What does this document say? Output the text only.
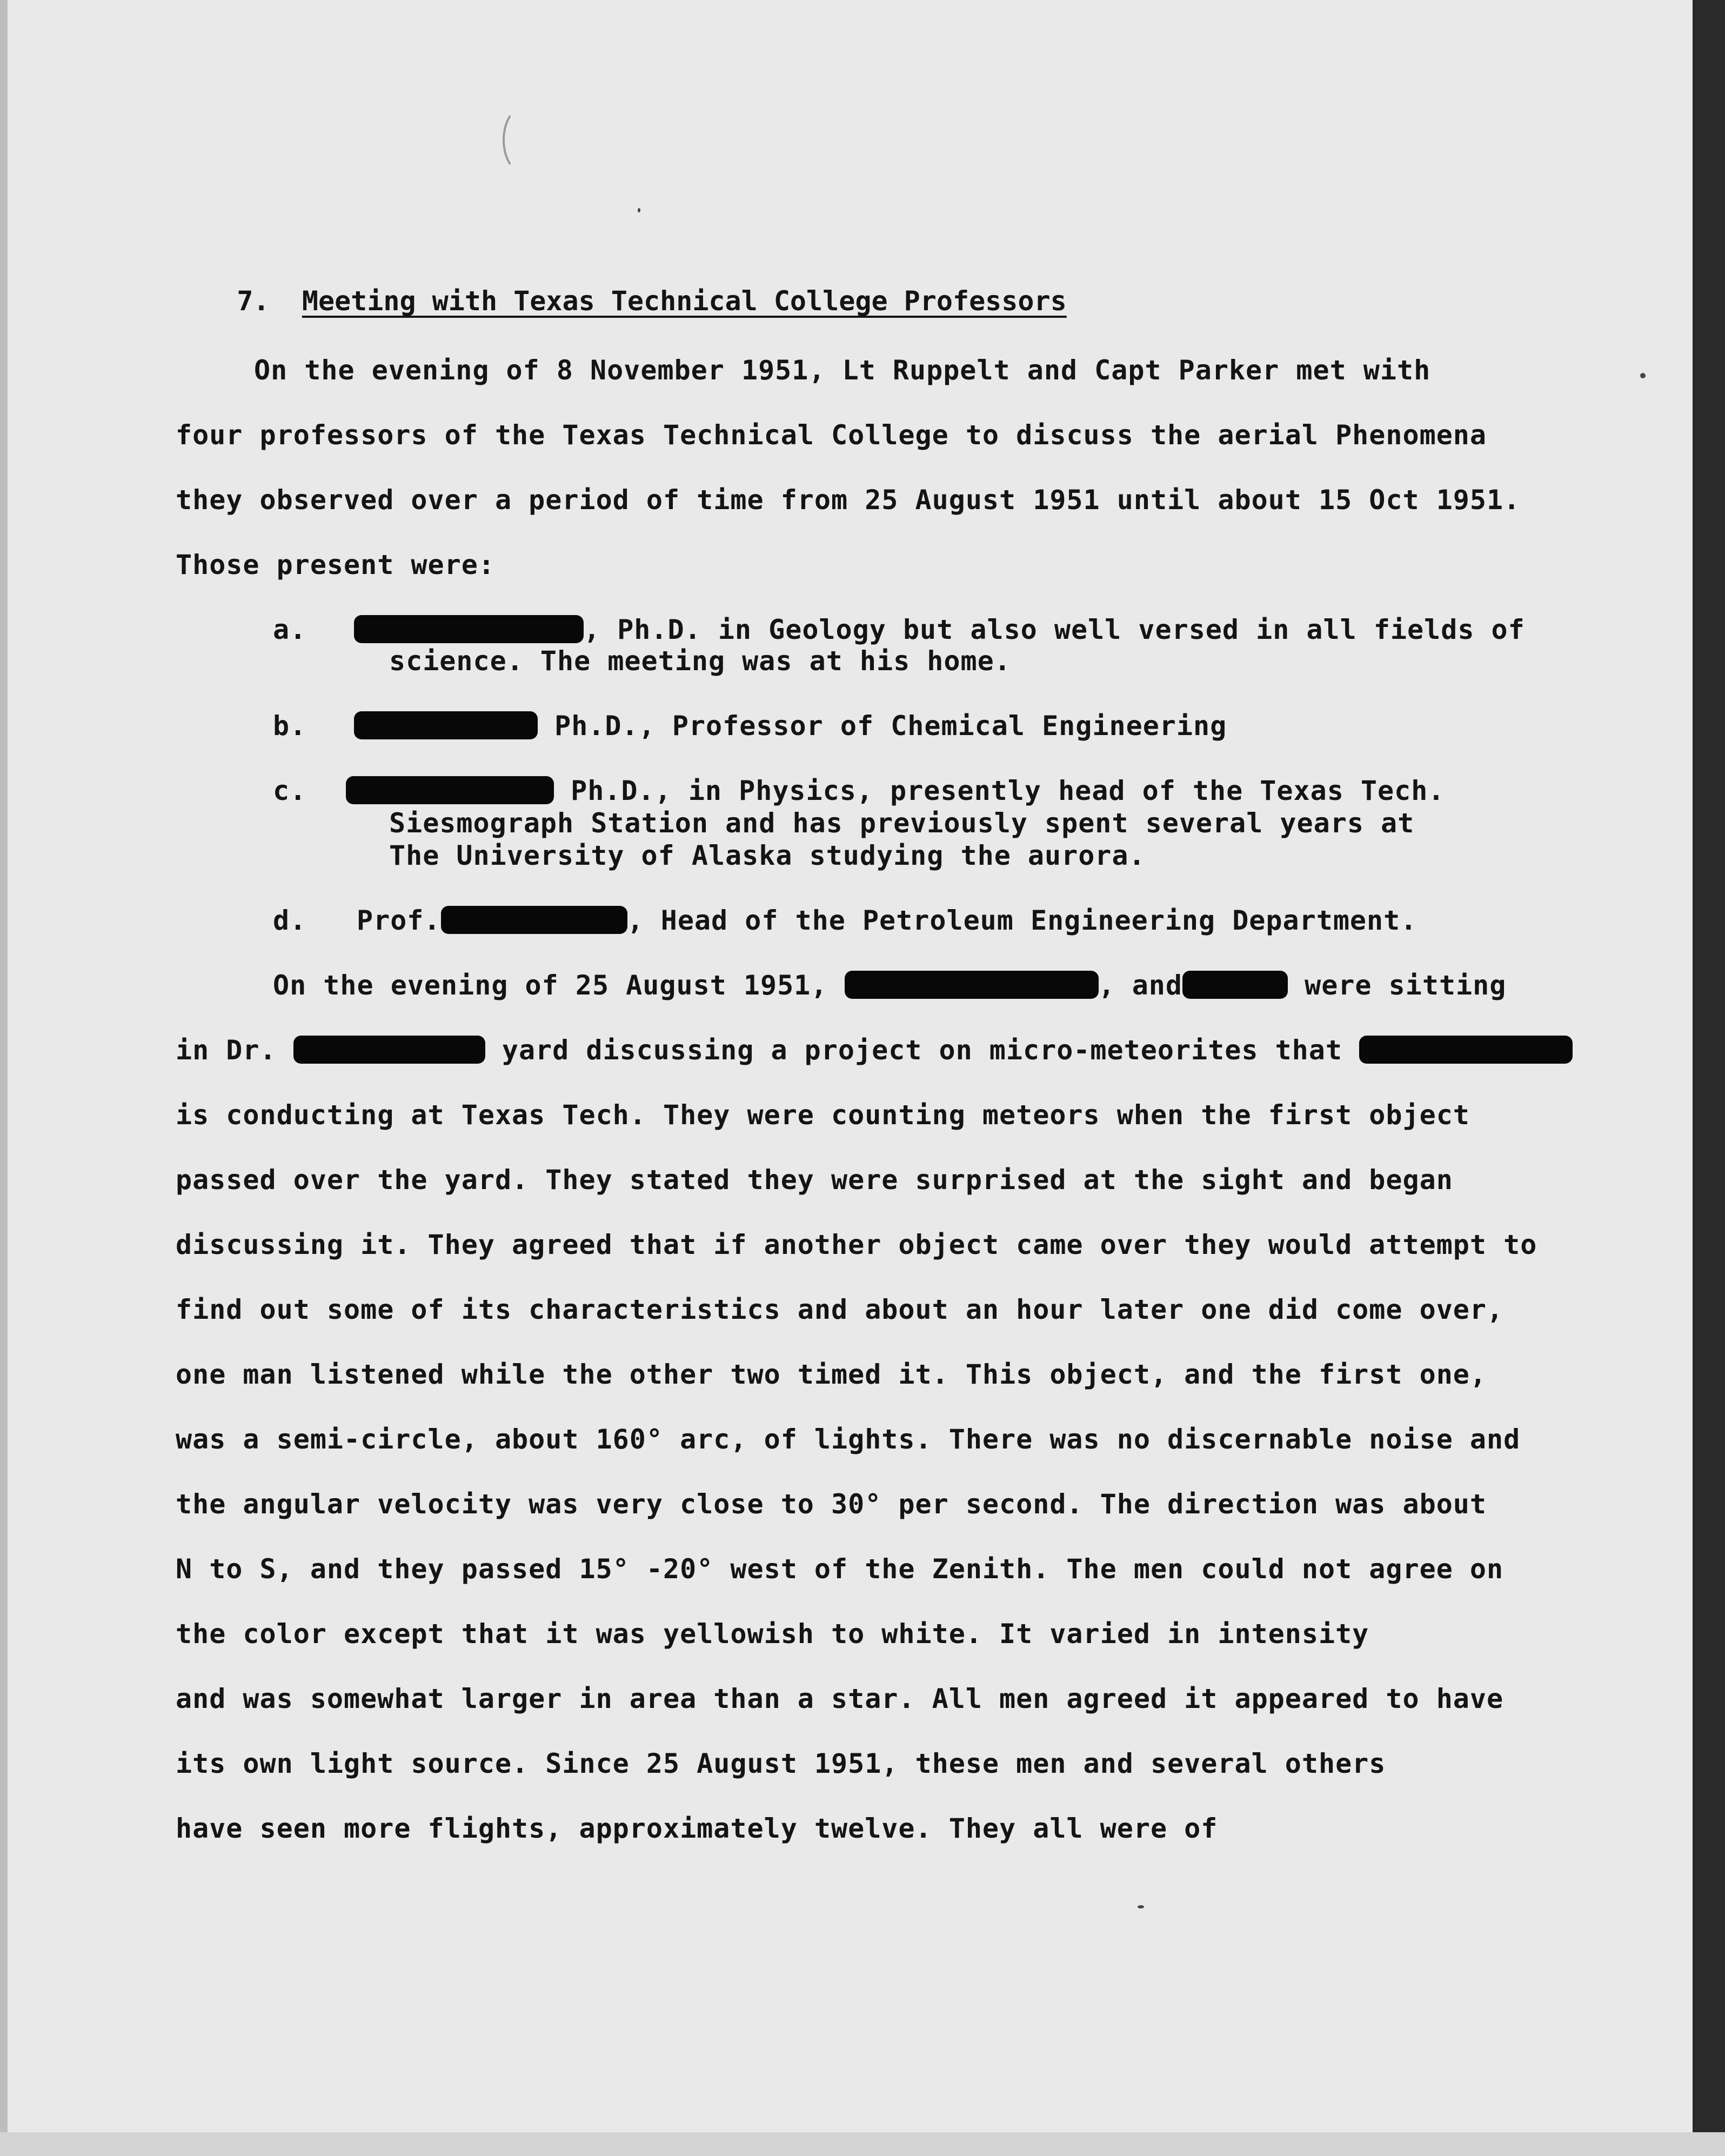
7. Meeting with Texas Technical College Professors

On the evening of 8 November 1951, Lt Ruppelt and Capt Parker met with
four professors of the Texas Technical College to discuss the aerial Phenomena
they observed over a period of time from 25 August 1951 until about 15 Oct 1951.
Those present were:
a.	, Ph.D. in Geology but also well versed in all fields of
science. The meeting was at his home.
b.	Ph.D., Professor of Chemical Engineering
c.	Ph.D., in Physics, presently head of the Texas Tech.
Siesmograph Station and has previously spent several years at
The University of Alaska studying the aurora.
d. Prof.	, Head of the Petroleum Engineering Department.
On the evening of 25 August 1951,	, and	were sitting
in Dr.	yard discussing a project on micro-meteorites that
is conducting at Texas Tech. They were counting meteors when the first object
passed over the yard. They stated they were surprised at the sight and began
discussing it. They agreed that if another object came over they would attempt to
find out some of its characteristics and about an hour later one did come over,
one man listened while the other two timed it. This object, and the first one,
was a semi-circle, about 160° arc, of lights. There was no discernable noise and
the angular velocity was very close to 30° per second. The direction was about
N to S, and they passed 15° -20° west of the Zenith. The men could not agree on
the color except that it was yellowish to white. It varied in intensity
and was somewhat larger in area than a star. All men agreed it appeared to have
its own light source. Since 25 August 1951, these men and several others
have seen more flights, approximately twelve. They all were of
